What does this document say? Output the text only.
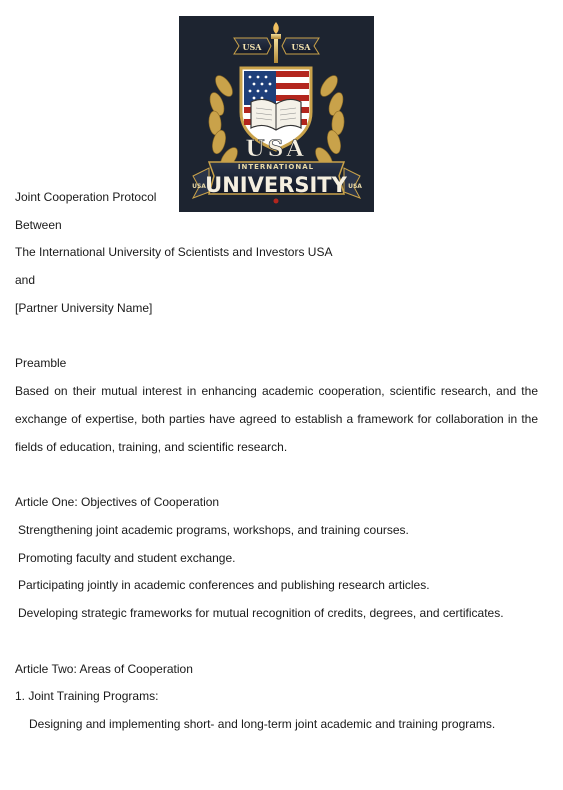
USA	USA
USA
INTERNATIONAL
UNIVERSITY
USA	USA
Joint Cooperation Protocol
Between
The International University of Scientists and Investors USA
and
[Partner University Name]
Preamble
Based on their mutual interest in enhancing academic cooperation, scientific research, and the exchange of expertise, both parties have agreed to establish a framework for collaboration in the fields of education, training, and scientific research.
Article One: Objectives of Cooperation
Strengthening joint academic programs, workshops, and training courses.
Promoting faculty and student exchange.
Participating jointly in academic conferences and publishing research articles.
Developing strategic frameworks for mutual recognition of credits, degrees, and certificates.
Article Two: Areas of Cooperation
1. Joint Training Programs:
Designing and implementing short- and long-term joint academic and training programs.
